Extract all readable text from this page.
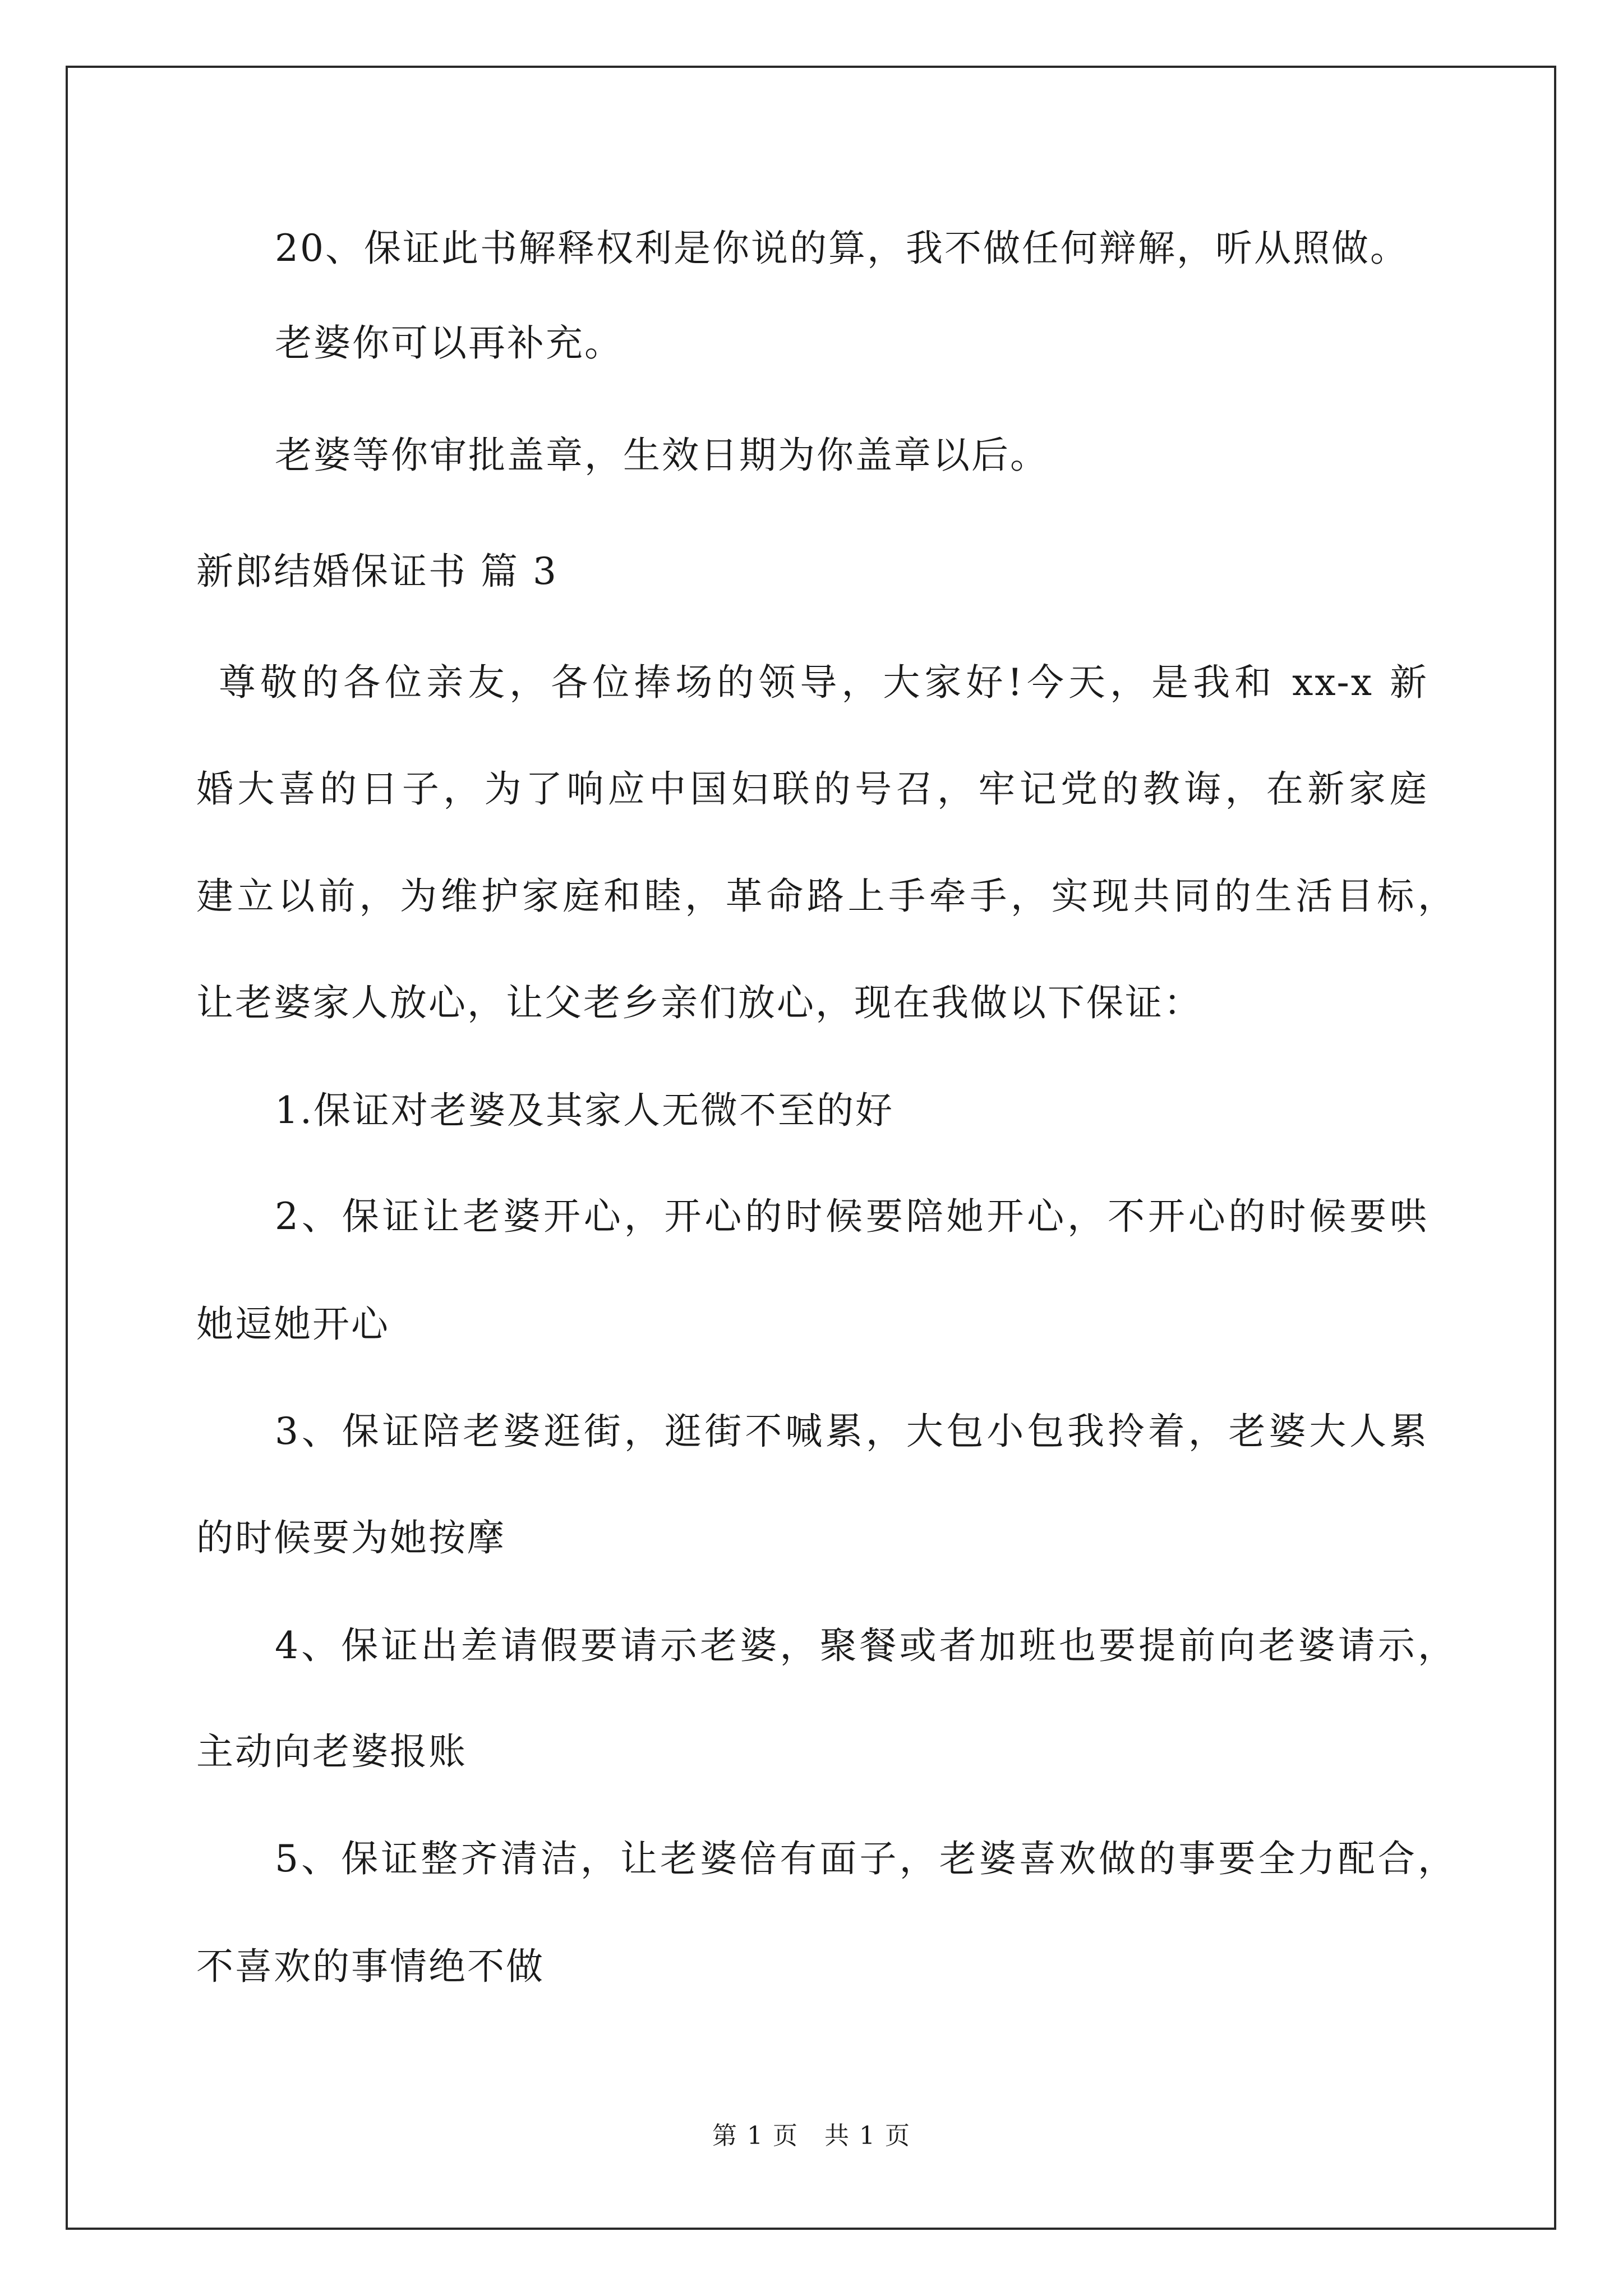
20、保证此书解释权利是你说的算，我不做任何辩解，听从照做。
老婆你可以再补充。
老婆等你审批盖章，生效日期为你盖章以后。
新郎结婚保证书 篇 3
尊敬的各位亲友，各位捧场的领导，大家好!今天，是我和 xx-x 新
婚大喜的日子，为了响应中国妇联的号召，牢记党的教诲，在新家庭
建立以前，为维护家庭和睦，革命路上手牵手，实现共同的生活目标，
让老婆家人放心，让父老乡亲们放心，现在我做以下保证：
1.保证对老婆及其家人无微不至的好
2、保证让老婆开心，开心的时候要陪她开心，不开心的时候要哄
她逗她开心
3、保证陪老婆逛街，逛街不喊累，大包小包我拎着，老婆大人累
的时候要为她按摩
4、保证出差请假要请示老婆，聚餐或者加班也要提前向老婆请示，
主动向老婆报账
5、保证整齐清洁，让老婆倍有面子，老婆喜欢做的事要全力配合，
不喜欢的事情绝不做
第 1 页　共 1 页
